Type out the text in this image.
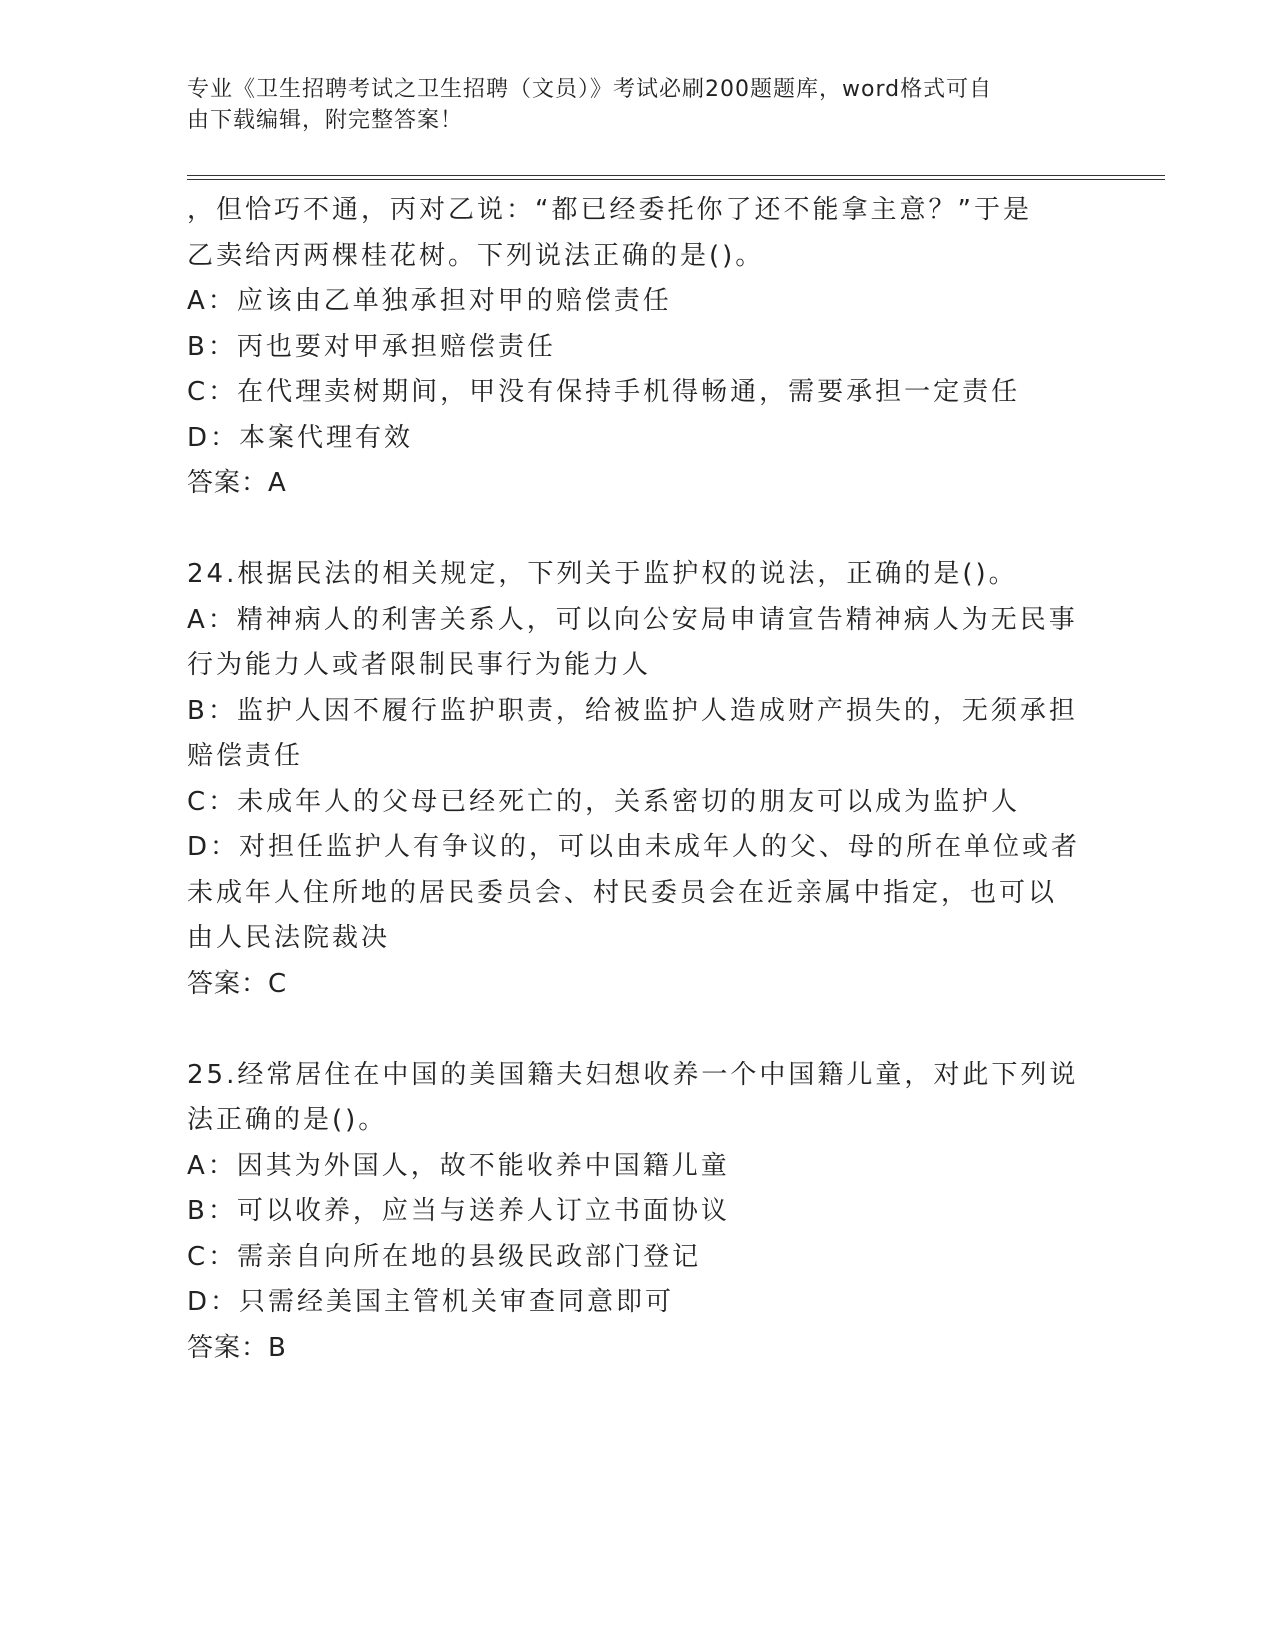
专业《卫生招聘考试之卫生招聘（文员）》考试必刷200题题库，word格式可自
由下载编辑，附完整答案！
，但恰巧不通，丙对乙说：“都已经委托你了还不能拿主意？”于是
乙卖给丙两棵桂花树。下列说法正确的是()。
A：应该由乙单独承担对甲的赔偿责任
B：丙也要对甲承担赔偿责任
C：在代理卖树期间，甲没有保持手机得畅通，需要承担一定责任
D：本案代理有效
答案：A
24.根据民法的相关规定，下列关于监护权的说法，正确的是()。
A：精神病人的利害关系人，可以向公安局申请宣告精神病人为无民事
行为能力人或者限制民事行为能力人
B：监护人因不履行监护职责，给被监护人造成财产损失的，无须承担
赔偿责任
C：未成年人的父母已经死亡的，关系密切的朋友可以成为监护人
D：对担任监护人有争议的，可以由未成年人的父、母的所在单位或者
未成年人住所地的居民委员会、村民委员会在近亲属中指定，也可以
由人民法院裁决
答案：C
25.经常居住在中国的美国籍夫妇想收养一个中国籍儿童，对此下列说
法正确的是()。
A：因其为外国人，故不能收养中国籍儿童
B：可以收养，应当与送养人订立书面协议
C：需亲自向所在地的县级民政部门登记
D：只需经美国主管机关审查同意即可
答案：B
